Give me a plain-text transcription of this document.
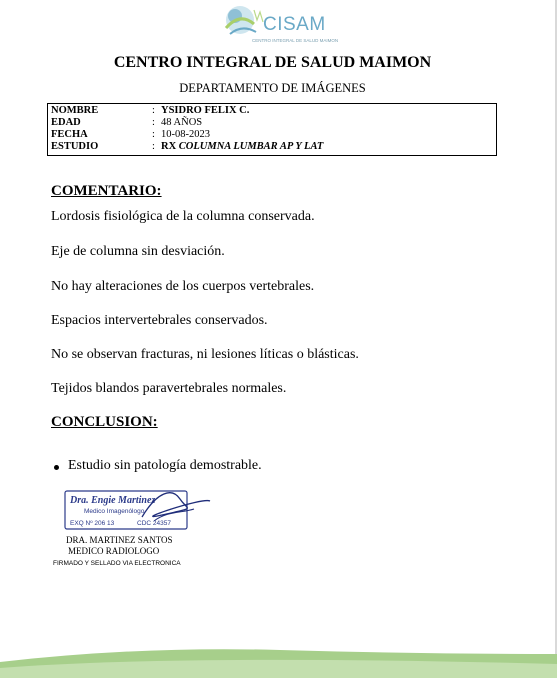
CISAM
CENTRO INTEGRAL DE SALUD MAIMON
CENTRO INTEGRAL DE SALUD MAIMON
DEPARTAMENTO DE IMÁGENES
NOMBRE	: YSIDRO FELIX C.
EDAD	: 48 AÑOS
FECHA	: 10-08-2023
ESTUDIO	: RX COLUMNA LUMBAR AP Y LAT
COMENTARIO:
Lordosis fisiológica de la columna conservada.
Eje de columna sin desviación.
No hay alteraciones de los cuerpos vertebrales.
Espacios intervertebrales conservados.
No se observan fracturas, ni lesiones líticas o blásticas.
Tejidos blandos paravertebrales normales.
CONCLUSION:
Estudio sin patología demostrable.
Dra. Engie Martinez
Medico Imagenólogo
EXQ Nº 206 13	CDC 24357
DRA. MARTINEZ SANTOS
MEDICO RADIOLOGO
FIRMADO Y SELLADO VIA ELECTRONICA
